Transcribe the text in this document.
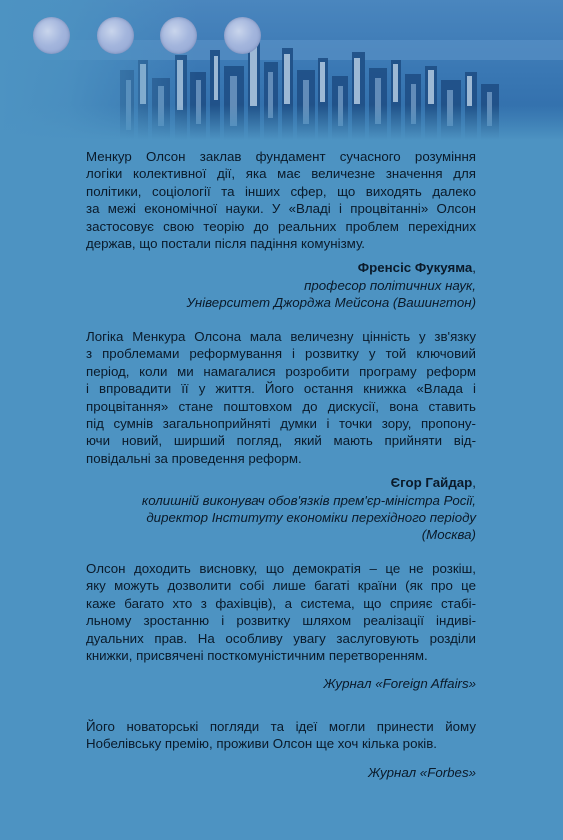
Менкур Олсон заклав фундамент сучасного розуміння
логіки колективної дії, яка має величезне значення для
політики, соціології та інших сфер, що виходять далеко
за межі економічної науки. У «Владі і процвітанні» Олсон
застосовує свою теорію до реальних проблем перехідних
держав, що постали після падіння комунізму.

Френсіс Фукуяма,
професор політичних наук,
Університет Джорджа Мейсона (Вашингтон)

Логіка Менкура Олсона мала величезну цінність у зв'язку
з проблемами реформування і розвитку у той ключовий
період, коли ми намагалися розробити програму реформ
і впровадити її у життя. Його остання книжка «Влада і
процвітання» стане поштовхом до дискусії, вона ставить
під сумнів загальноприйняті думки і точки зору, пропону-
ючи новий, ширший погляд, який мають прийняти від-
повідальні за проведення реформ.

Єгор Гайдар,
колишній виконувач обов'язків прем'єр-міністра Росії,
директор Інституту економіки перехідного періоду
(Москва)

Олсон доходить висновку, що демократія – це не розкіш,
яку можуть дозволити собі лише багаті країни (як про це
каже багато хто з фахівців), а система, що сприяє стабі-
льному зростанню і розвитку шляхом реалізації індиві-
дуальних прав. На особливу увагу заслуговують розділи
книжки, присвячені посткомуністичним перетворенням.

Журнал «Foreign Affairs»

Його новаторські погляди та ідеї могли принести йому
Нобелівську премію, проживи Олсон ще хоч кілька років.

Журнал «Forbes»
